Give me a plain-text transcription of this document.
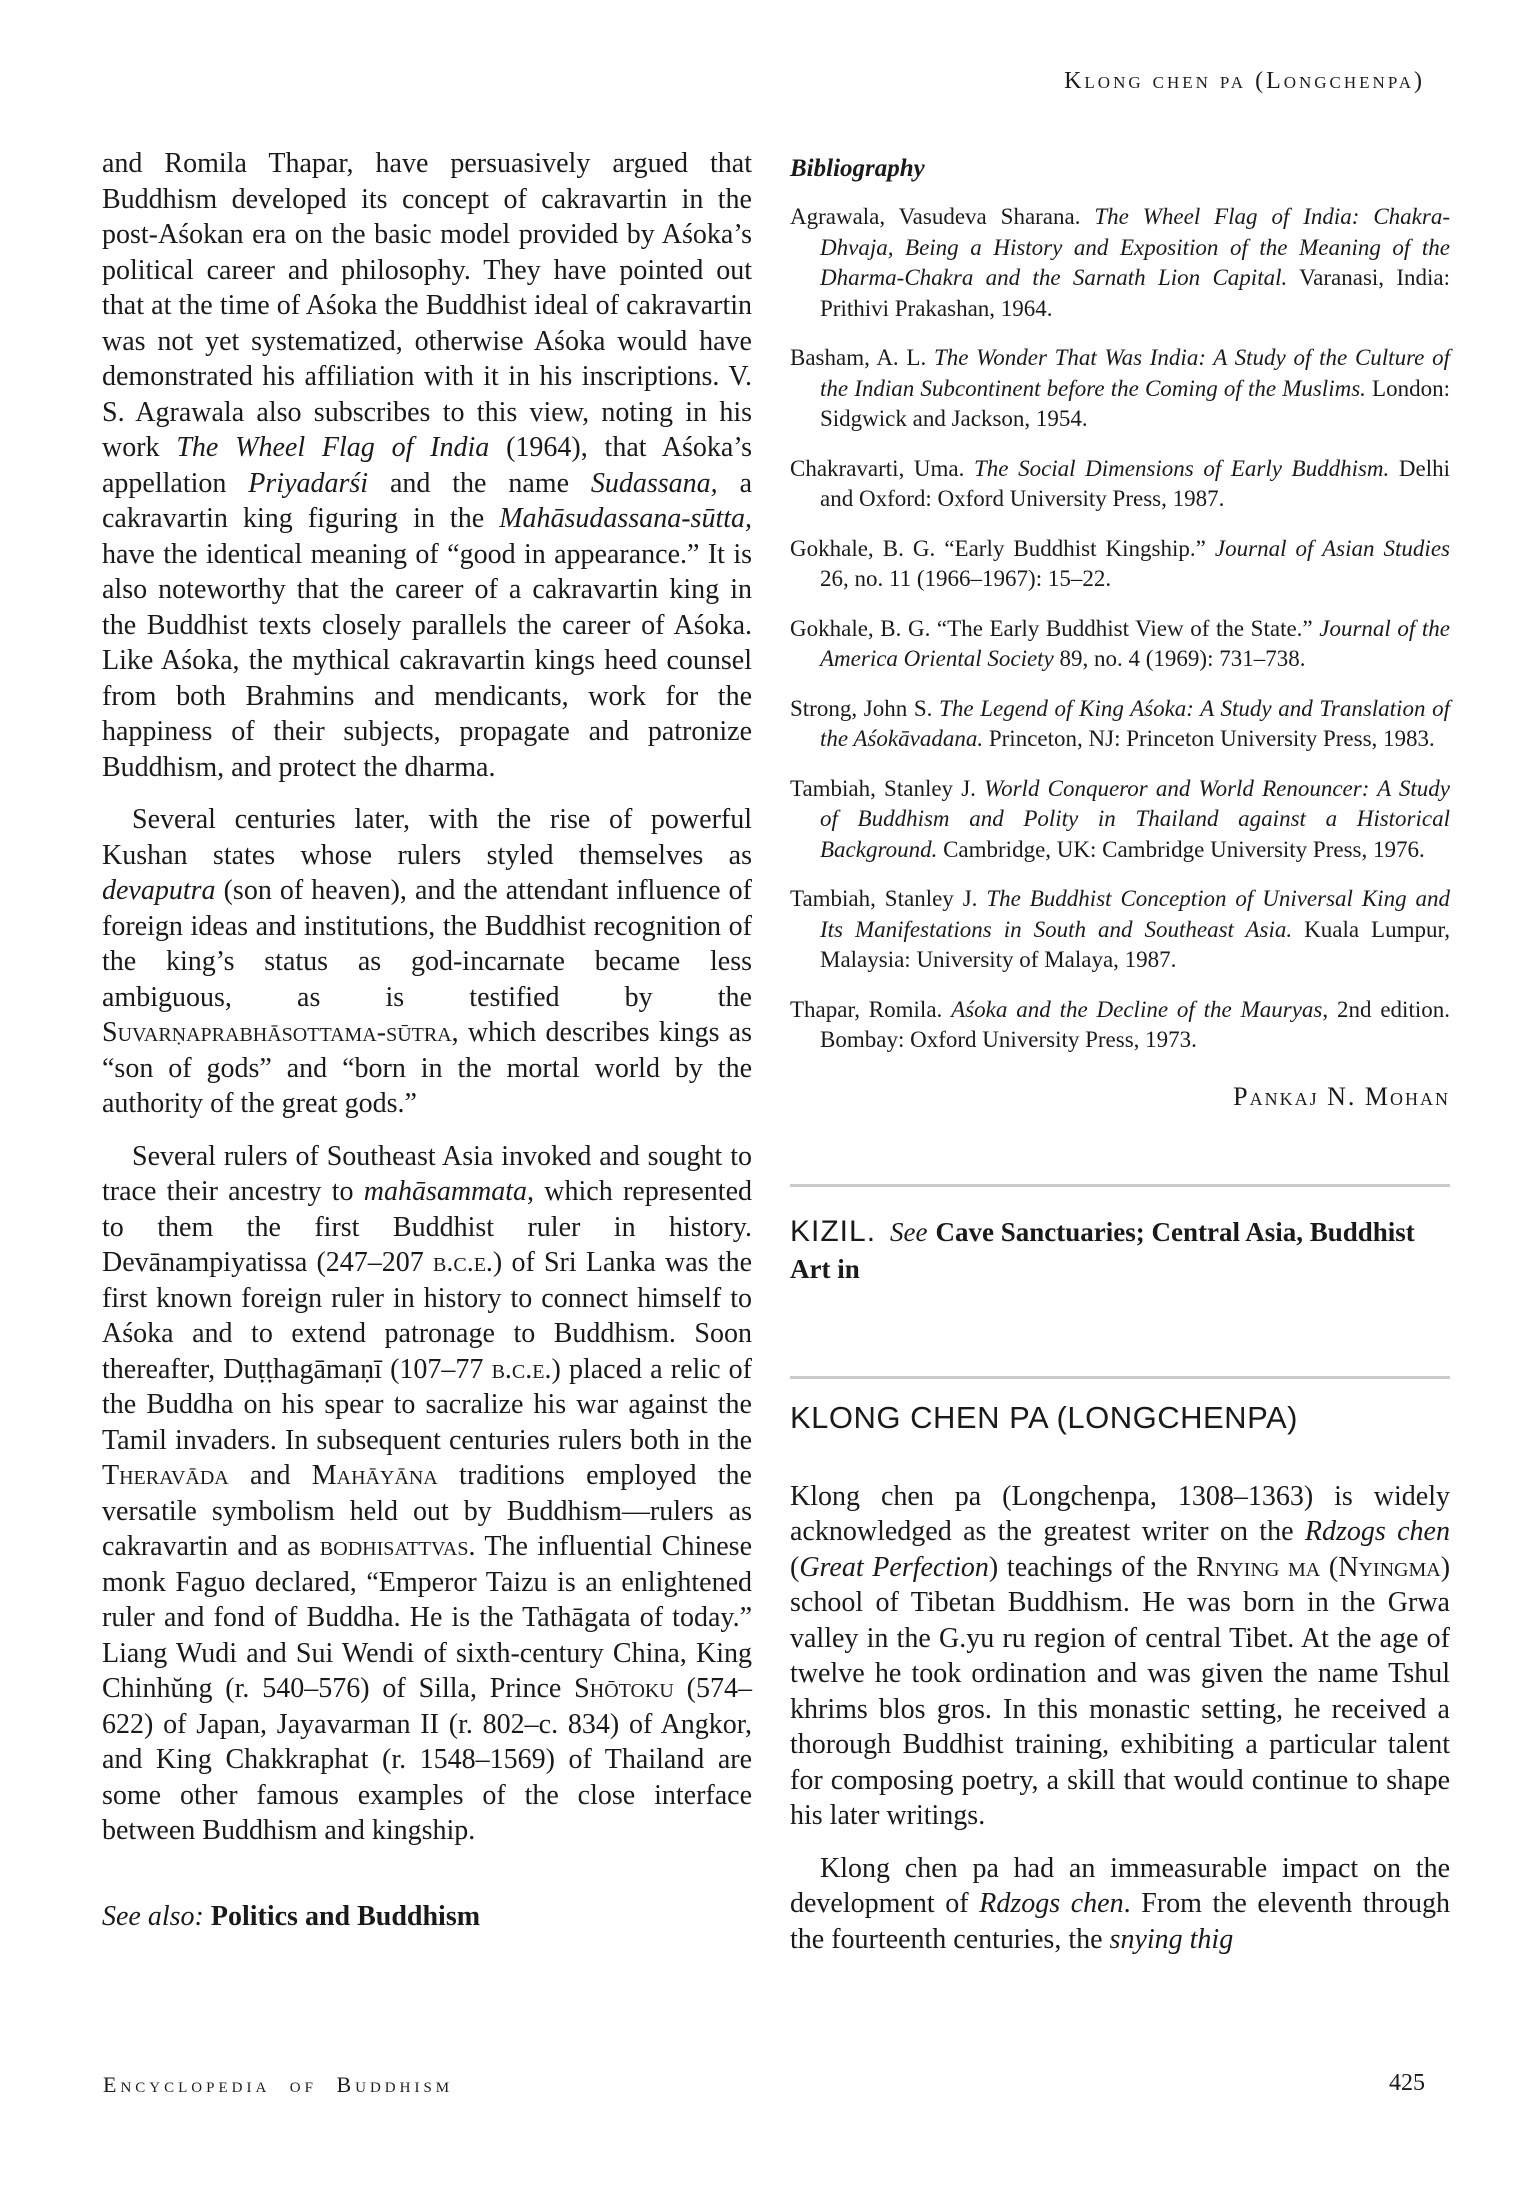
Klong chen pa (Longchenpa)

and Romila Thapar, have persuasively argued that Buddhism developed its concept of cakravartin in the post-Aśokan era on the basic model provided by Aśoka’s political career and philosophy. They have pointed out that at the time of Aśoka the Buddhist ideal of cakravartin was not yet systematized, otherwise Aśoka would have demonstrated his affiliation with it in his inscriptions. V. S. Agrawala also subscribes to this view, noting in his work The Wheel Flag of India (1964), that Aśoka’s appellation Priyadarśi and the name Sudassana, a cakravartin king figuring in the Mahāsudassana-sūtta, have the identical meaning of “good in appearance.” It is also noteworthy that the career of a cakravartin king in the Buddhist texts closely parallels the career of Aśoka. Like Aśoka, the mythical cakravartin kings heed counsel from both Brahmins and mendicants, work for the happiness of their subjects, propagate and patronize Buddhism, and protect the dharma.

Several centuries later, with the rise of powerful Kushan states whose rulers styled themselves as devaputra (son of heaven), and the attendant influence of foreign ideas and institutions, the Buddhist recognition of the king’s status as god-incarnate became less ambiguous, as is testified by the Suvarṇaprabhāsottama-sūtra, which describes kings as “son of gods” and “born in the mortal world by the authority of the great gods.”

Several rulers of Southeast Asia invoked and sought to trace their ancestry to mahāsammata, which represented to them the first Buddhist ruler in history. Devānampiyatissa (247–207 b.c.e.) of Sri Lanka was the first known foreign ruler in history to connect himself to Aśoka and to extend patronage to Buddhism. Soon thereafter, Duṭṭhagāmaṇī (107–77 b.c.e.) placed a relic of the Buddha on his spear to sacralize his war against the Tamil invaders. In subsequent centuries rulers both in the Theravāda and Mahāyāna traditions employed the versatile symbolism held out by Buddhism—rulers as cakravartin and as bodhisattvas. The influential Chinese monk Faguo declared, “Emperor Taizu is an enlightened ruler and fond of Buddha. He is the Tathāgata of today.” Liang Wudi and Sui Wendi of sixth-century China, King Chinhŭng (r. 540–576) of Silla, Prince Shōtoku (574–622) of Japan, Jayavarman II (r. 802–c. 834) of Angkor, and King Chakkraphat (r. 1548–1569) of Thailand are some other famous examples of the close interface between Buddhism and kingship.

See also: Politics and Buddhism

Bibliography
Agrawala, Vasudeva Sharana. The Wheel Flag of India: Chakra-Dhvaja, Being a History and Exposition of the Meaning of the Dharma-Chakra and the Sarnath Lion Capital. Varanasi, India: Prithivi Prakashan, 1964.
Basham, A. L. The Wonder That Was India: A Study of the Culture of the Indian Subcontinent before the Coming of the Muslims. London: Sidgwick and Jackson, 1954.
Chakravarti, Uma. The Social Dimensions of Early Buddhism. Delhi and Oxford: Oxford University Press, 1987.
Gokhale, B. G. “Early Buddhist Kingship.” Journal of Asian Studies 26, no. 11 (1966–1967): 15–22.
Gokhale, B. G. “The Early Buddhist View of the State.” Journal of the America Oriental Society 89, no. 4 (1969): 731–738.
Strong, John S. The Legend of King Aśoka: A Study and Translation of the Aśokāvadana. Princeton, NJ: Princeton University Press, 1983.
Tambiah, Stanley J. World Conqueror and World Renouncer: A Study of Buddhism and Polity in Thailand against a Historical Background. Cambridge, UK: Cambridge University Press, 1976.
Tambiah, Stanley J. The Buddhist Conception of Universal King and Its Manifestations in South and Southeast Asia. Kuala Lumpur, Malaysia: University of Malaya, 1987.
Thapar, Romila. Aśoka and the Decline of the Mauryas, 2nd edition. Bombay: Oxford University Press, 1973.

Pankaj N. Mohan

KIZIL. See Cave Sanctuaries; Central Asia, Buddhist Art in

KLONG CHEN PA (LONGCHENPA)

Klong chen pa (Longchenpa, 1308–1363) is widely acknowledged as the greatest writer on the Rdzogs chen (Great Perfection) teachings of the Rnying ma (Nyingma) school of Tibetan Buddhism. He was born in the Grwa valley in the G.yu ru region of central Tibet. At the age of twelve he took ordination and was given the name Tshul khrims blos gros. In this monastic setting, he received a thorough Buddhist training, exhibiting a particular talent for composing poetry, a skill that would continue to shape his later writings.

Klong chen pa had an immeasurable impact on the development of Rdzogs chen. From the eleventh through the fourteenth centuries, the snying thig

Encyclopedia of Buddhism	425
